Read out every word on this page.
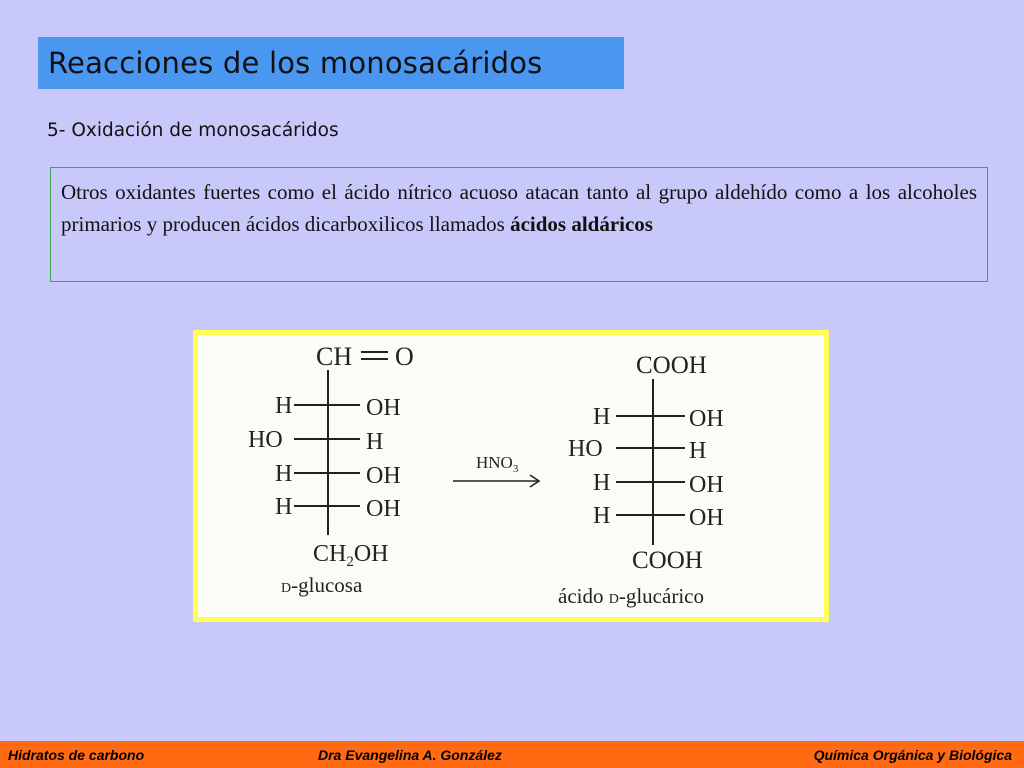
Reacciones de los monosacáridos
5- Oxidación de monosacáridos
Otros oxidantes fuertes como el ácido nítrico acuoso atacan tanto al grupo aldehído como a los alcoholes primarios y producen ácidos dicarboxilicos llamados ácidos aldáricos
CH O
H	OH
HO	H
H	OH
H	OH
$CH_2OH$
D-glucosa
$HNO_3$
COOH
H	OH
HO	H
H	OH
H	OH
COOH
ácido D-glucárico
Hidratos de carbono	Dra Evangelina A. González	Química Orgánica y Biológica
